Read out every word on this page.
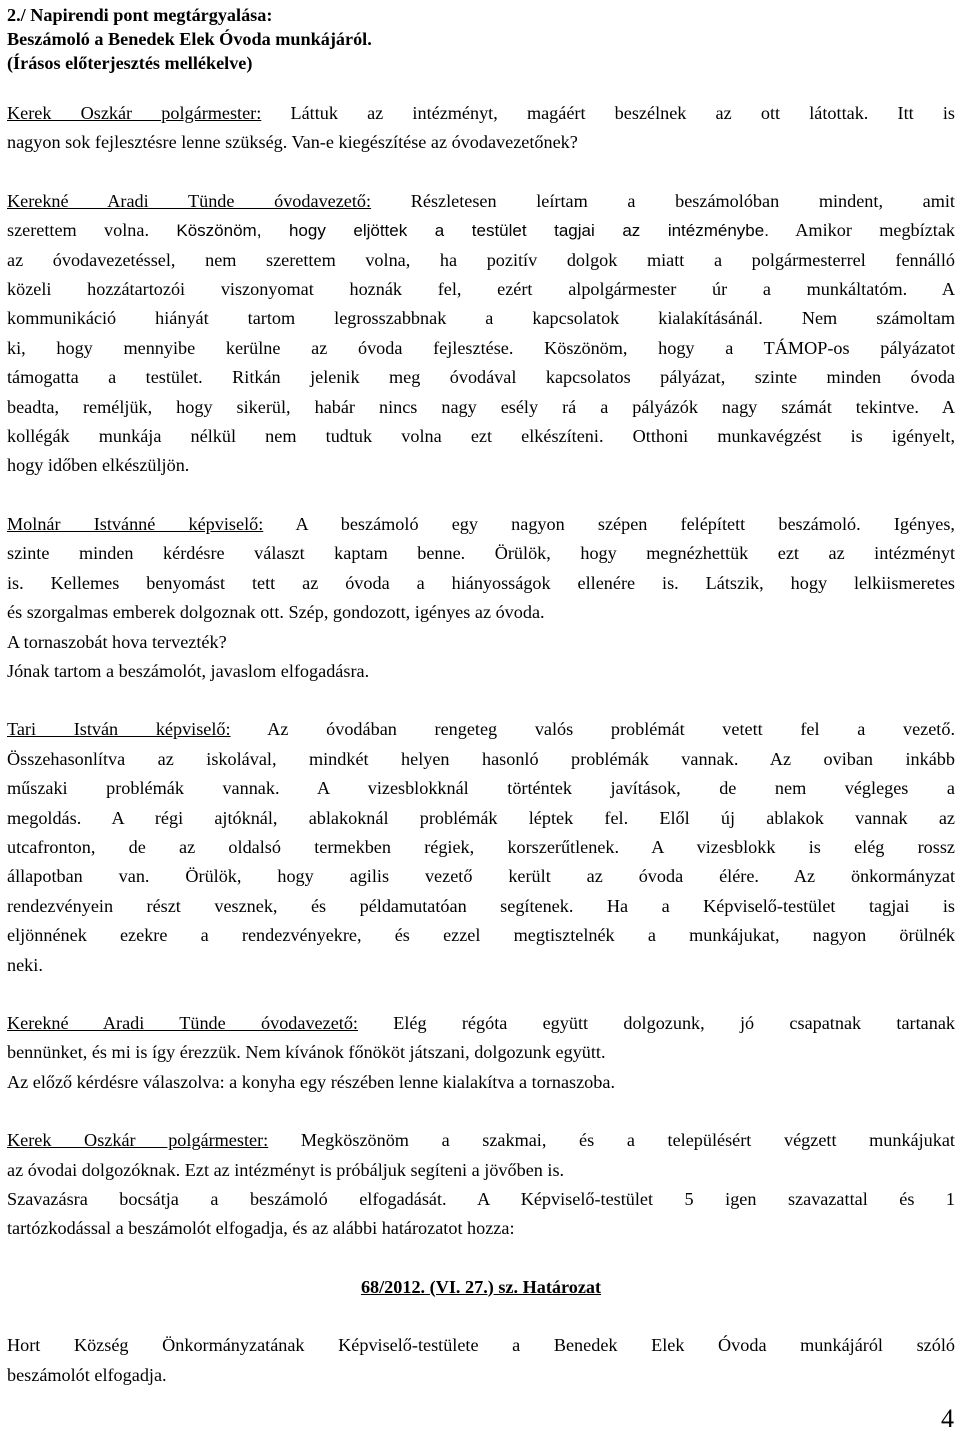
2./ Napirendi pont megtárgyalása:
Beszámoló a Benedek Elek Óvoda munkájáról.
(Írásos előterjesztés mellékelve)
Kerek Oszkár polgármester: Láttuk az intézményt, magáért beszélnek az ott látottak. Itt is
nagyon sok fejlesztésre lenne szükség. Van-e kiegészítése az óvodavezetőnek?
Kerekné Aradi Tünde óvodavezető: Részletesen leírtam a beszámolóban mindent, amit
szerettem volna. Köszönöm, hogy eljöttek a testület tagjai az intézménybe. Amikor megbíztak
az óvodavezetéssel, nem szerettem volna, ha pozitív dolgok miatt a polgármesterrel fennálló
közeli hozzátartozói viszonyomat hoznák fel, ezért alpolgármester úr a munkáltatóm. A
kommunikáció hiányát tartom legrosszabbnak a kapcsolatok kialakításánál. Nem számoltam
ki, hogy mennyibe kerülne az óvoda fejlesztése. Köszönöm, hogy a TÁMOP-os pályázatot
támogatta a testület. Ritkán jelenik meg óvodával kapcsolatos pályázat, szinte minden óvoda
beadta, reméljük, hogy sikerül, habár nincs nagy esély rá a pályázók nagy számát tekintve. A
kollégák munkája nélkül nem tudtuk volna ezt elkészíteni. Otthoni munkavégzést is igényelt,
hogy időben elkészüljön.
Molnár Istvánné képviselő: A beszámoló egy nagyon szépen felépített beszámoló. Igényes,
szinte minden kérdésre választ kaptam benne. Örülök, hogy megnézhettük ezt az intézményt
is. Kellemes benyomást tett az óvoda a hiányosságok ellenére is. Látszik, hogy lelkiismeretes
és szorgalmas emberek dolgoznak ott. Szép, gondozott, igényes az óvoda.
A tornaszobát hova tervezték?
Jónak tartom a beszámolót, javaslom elfogadásra.
Tari István képviselő: Az óvodában rengeteg valós problémát vetett fel a vezető.
Összehasonlítva az iskolával, mindkét helyen hasonló problémák vannak. Az oviban inkább
műszaki problémák vannak. A vizesblokknál történtek javítások, de nem végleges a
megoldás. A régi ajtóknál, ablakoknál problémák léptek fel. Elől új ablakok vannak az
utcafronton, de az oldalsó termekben régiek, korszerűtlenek. A vizesblokk is elég rossz
állapotban van. Örülök, hogy agilis vezető került az óvoda élére. Az önkormányzat
rendezvényein részt vesznek, és példamutatóan segítenek. Ha a Képviselő-testület tagjai is
eljönnének ezekre a rendezvényekre, és ezzel megtisztelnék a munkájukat, nagyon örülnék
neki.
Kerekné Aradi Tünde óvodavezető: Elég régóta együtt dolgozunk, jó csapatnak tartanak
bennünket, és mi is így érezzük. Nem kívánok főnököt játszani, dolgozunk együtt.
Az előző kérdésre válaszolva: a konyha egy részében lenne kialakítva a tornaszoba.
Kerek Oszkár polgármester: Megköszönöm a szakmai, és a településért végzett munkájukat
az óvodai dolgozóknak. Ezt az intézményt is próbáljuk segíteni a jövőben is.
Szavazásra bocsátja a beszámoló elfogadását. A Képviselő-testület 5 igen szavazattal és 1
tartózkodással a beszámolót elfogadja, és az alábbi határozatot hozza:
68/2012. (VI. 27.) sz. Határozat
Hort Község Önkormányzatának Képviselő-testülete a Benedek Elek Óvoda munkájáról szóló
beszámolót elfogadja.
4
